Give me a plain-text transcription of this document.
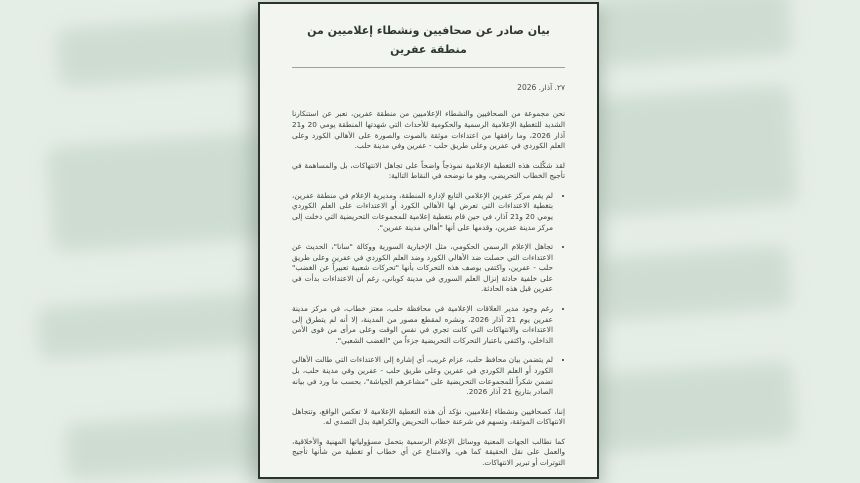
بيان صادر عن صحافيين ونشطاء إعلاميين من منطقة عفرين
٢٧. آذار. 2026

نحن مجموعة من الصحافيين والنشطاء الإعلاميين من منطقة عفرين، نعبر عن استنكارنا الشديد للتغطية الإعلامية الرسمية والحكومية للأحداث التي شهدتها المنطقة يومي 20 و21 آذار 2026، وما رافقها من اعتداءات موثقة بالصوت والصورة على الأهالي الكورد وعلى العلم الكوردي في عفرين وعلى طريق حلب - عفرين وفي مدينة حلب.

لقد شكّلت هذه التغطية الإعلامية نموذجاً واضحاً على تجاهل الانتهاكات، بل والمساهمة في تأجيج الخطاب التحريضي، وهو ما نوضحه في النقاط التالية:

• لم يقم مركز عفرين الإعلامي التابع لإدارة المنطقة، ومديرية الإعلام في منطقة عفرين، بتغطية الاعتداءات التي تعرض لها الأهالي الكورد أو الاعتداءات على العلم الكوردي يومي 20 و21 آذار، في حين قام بتغطية إعلامية للمجموعات التحريضية التي دخلت إلى مركز مدينة عفرين، وقدمها على أنها "أهالي مدينة عفرين".
• تجاهل الإعلام الرسمي الحكومي، مثل الإخبارية السورية ووكالة "سانا"، الحديث عن الاعتداءات التي حصلت ضد الأهالي الكورد وضد العلم الكوردي في عفرين وعلى طريق حلب - عفرين، واكتفى بوصف هذه التحركات بأنها "تحركات شعبية تعبيراً عن الغضب" على خلفية حادثة إنزال العلم السوري في مدينة كوباني، رغم أن الاعتداءات بدأت في عفرين قبل هذه الحادثة.
• رغم وجود مدير العلاقات الإعلامية في محافظة حلب، معتز خطاب، في مركز مدينة عفرين يوم 21 آذار 2026، ونشره لمقطع مصور من المدينة، إلا أنه لم يتطرق إلى الاعتداءات والانتهاكات التي كانت تجري في نفس الوقت وعلى مرأى من قوى الأمن الداخلي، واكتفى باعتبار التحركات التحريضية جزءاً من "الغضب الشعبي".
• لم يتضمن بيان محافظ حلب، عزام غريب، أي إشارة إلى الاعتداءات التي طالت الأهالي الكورد أو العلم الكوردي في عفرين وعلى طريق حلب - عفرين وفي مدينة حلب، بل تضمن شكراً للمجموعات التحريضية على "مشاعرهم الجياشة"، بحسب ما ورد في بيانه الصادر بتاريخ 21 آذار 2026.

إننا، كصحافيين ونشطاء إعلاميين، نؤكد أن هذه التغطية الإعلامية لا تعكس الواقع، وتتجاهل الانتهاكات الموثقة، وتسهم في شرعنة خطاب التحريض والكراهية بدل التصدي له.

كما نطالب الجهات المعنية ووسائل الإعلام الرسمية بتحمل مسؤولياتها المهنية والأخلاقية، والعمل على نقل الحقيقة كما هي، والامتناع عن أي خطاب أو تغطية من شأنها تأجيج التوترات أو تبرير الانتهاكات.
